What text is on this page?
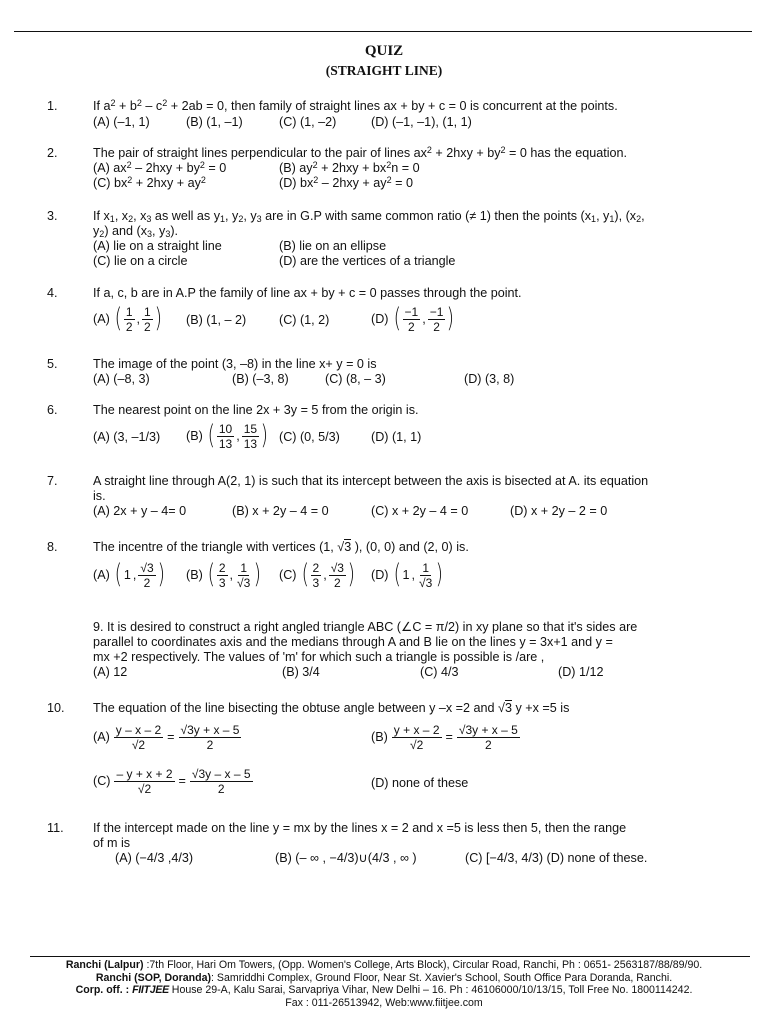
QUIZ
(STRAIGHT LINE)
1.	If $a^2 + b^2 - c^2 + 2ab = 0$, then family of straight lines ax + by + c = 0 is concurrent at the points.
(A) (–1, 1)	(B) (1, –1)	(C) (1, –2)	(D) (–1, –1), (1, 1)
2.	The pair of straight lines perpendicular to the pair of lines $ax^2 + 2hxy + by^2 = 0$ has the equation.
(A) $ax^2 - 2hxy + by^2 = 0$	(B) $ay^2 + 2hxy + bx^2n = 0$
(C) $bx^2 + 2hxy + ay^2$	(D) $bx^2 - 2hxy + ay^2 = 0$
3.	If $x_1$, $x_2$, $x_3$ as well as $y_1$, $y_2$, $y_3$ are in G.P with same common ratio (≠ 1) then the points ($x_1$, $y_1$), ($x_2$,
$y_2$) and ($x_3$, $y_3$).
(A) lie on a straight line	(B) lie on an ellipse
(C) lie on a circle	(D) are the vertices of a triangle
4.	If a, c, b are in A.P the family of line ax + by + c = 0 passes through the point.
(A)
( $\frac{1}{2}$ , $\frac{1}{2}$ ) (B) (1, – 2)	(C) (1, 2)	(D)
( $\frac{-1}{2}$ , $\frac{-1}{2}$ )
5.	The image of the point (3, –8) in the line x+ y = 0 is
(A) (–8, 3)	(B) (–3, 8)	(C) (8, – 3)	(D) (3, 8)
6.	The nearest point on the line 2x + 3y = 5 from the origin is.
(A) (3, –1/3) (B)
( $\frac{10}{13}$ , $\frac{15}{13}$ ) (C) (0, 5/3) (D) (1, 1)
7.	A straight line through A(2, 1) is such that its intercept between the axis is bisected at A. its equation
is.
(A) 2x + y – 4= 0	(B) x + 2y – 4 = 0	(C) x + 2y – 4 = 0	(D) x + 2y – 2 = 0
8.	The incentre of the triangle with vertices (1, √3 ), (0, 0) and (2, 0) is.
(A)
( 1 , $\frac{√3}{2}$ ) (B)
( $\frac{2}{3}$ , $\frac{1}{√3}$ ) (C)
( $\frac{2}{3}$ , $\frac{√3}{2}$ ) (D)
( 1 , $\frac{1}{√3}$ )
9. It is desired to construct a right angled triangle ABC (∠C = π/2) in xy plane so that it's sides are
parallel to coordinates axis and the medians through A and B lie on the lines y = 3x+1 and y =
mx +2 respectively. The values of 'm' for which such a triangle is possible is /are ,
(A) 12	(B) 3/4	(C) 4/3	(D) 1/12
10. The equation of the line bisecting the obtuse angle between y –x =2 and √3 y +x =5 is
$(A) \frac{y - x - 2}{√2} = \frac{√3y + x - 5}{2}$	$(B) \frac{y + x - 2}{√2} = \frac{√3y + x - 5}{2}$
$(C) \frac{- y + x + 2}{√2} = \frac{√3y - x - 5}{2}$	(D) none of these
11. If the intercept made on the line y = mx by the lines x = 2 and x =5 is less then 5, then the range
of m is
(A) (−4/3 ,4/3)	(B) (– ∞ , −4/3)∪(4/3 , ∞ )	(C) [−4/3, 4/3) (D) none of these.
Ranchi (Lalpur) :7th Floor, Hari Om Towers, (Opp. Women's College, Arts Block), Circular Road, Ranchi, Ph : 0651- 2563187/88/89/90.
Ranchi (SOP, Doranda): Samriddhi Complex, Ground Floor, Near St. Xavier's School, South Office Para Doranda, Ranchi.
Corp. off. : FIITJEE House 29-A, Kalu Sarai, Sarvapriya Vihar, New Delhi – 16. Ph : 46106000/10/13/15, Toll Free No. 1800114242.
Fax : 011-26513942, Web:www.fiitjee.com
